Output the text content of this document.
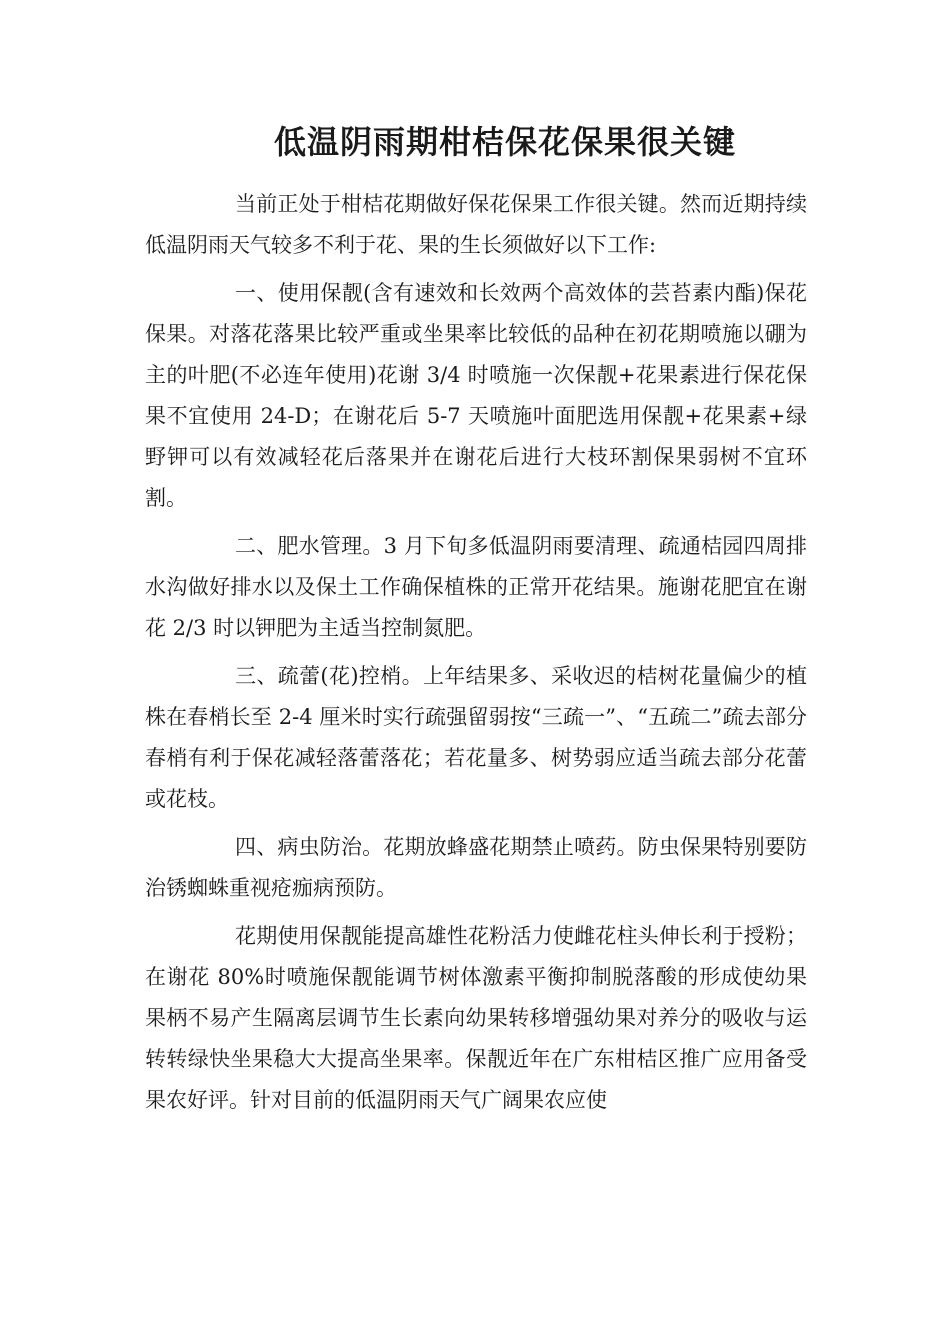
低温阴雨期柑桔保花保果很关键

当前正处于柑桔花期做好保花保果工作很关键。然而近期持续低温阴雨天气较多不利于花、果的生长须做好以下工作:

一、使用保靓(含有速效和长效两个高效体的芸苔素内酯)保花保果。对落花落果比较严重或坐果率比较低的品种在初花期喷施以硼为主的叶肥(不必连年使用)花谢 3/4 时喷施一次保靓+花果素进行保花保果不宜使用 24-D；在谢花后 5-7 天喷施叶面肥选用保靓+花果素+绿野钾可以有效减轻花后落果并在谢花后进行大枝环割保果弱树不宜环割。

二、肥水管理。3 月下旬多低温阴雨要清理、疏通桔园四周排水沟做好排水以及保土工作确保植株的正常开花结果。施谢花肥宜在谢花 2/3 时以钾肥为主适当控制氮肥。

三、疏蕾(花)控梢。上年结果多、采收迟的桔树花量偏少的植株在春梢长至 2-4 厘米时实行疏强留弱按“三疏一”、“五疏二”疏去部分春梢有利于保花减轻落蕾落花；若花量多、树势弱应适当疏去部分花蕾或花枝。

四、病虫防治。花期放蜂盛花期禁止喷药。防虫保果特别要防治锈蜘蛛重视疮痂病预防。

花期使用保靓能提高雄性花粉活力使雌花柱头伸长利于授粉；在谢花 80%时喷施保靓能调节树体激素平衡抑制脱落酸的形成使幼果果柄不易产生隔离层调节生长素向幼果转移增强幼果对养分的吸收与运转转绿快坐果稳大大提高坐果率。保靓近年在广东柑桔区推广应用备受果农好评。针对目前的低温阴雨天气广阔果农应使
